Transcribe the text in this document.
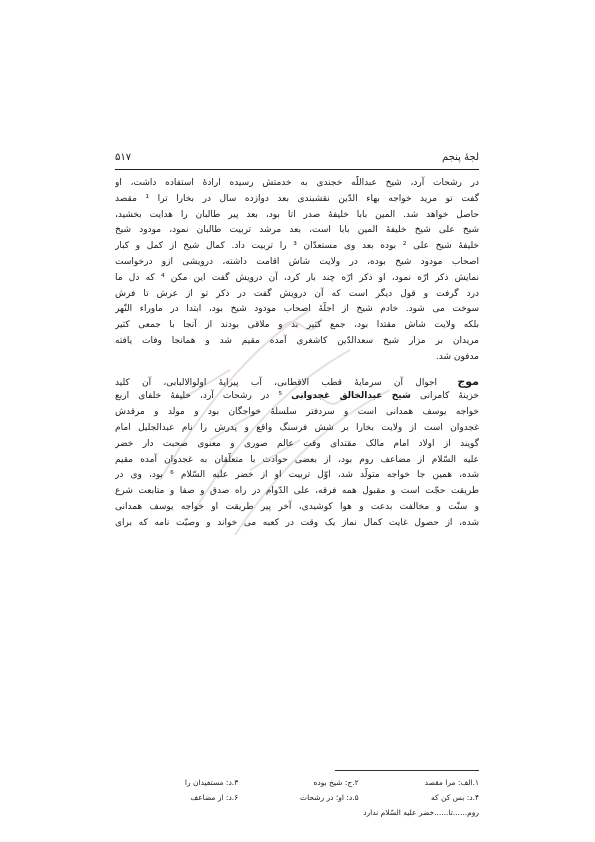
لجۀ پنجم
۵۱۷
در رشحات آرد، شیخ عبداللّٰه خجندی به خدمتش رسیده ارادۀ استفاده داشت، او
گفت تو مرید خواجه بهاء الدّین نقشبندی بعد دوازده سال در بخارا ترا ¹ مقصد
حاصل خواهد شد. المین بابا خلیفۀ صدر اتا بود، بعد پیر طالبان را هدایت بخشید،
شیخ علی شیخ خلیفۀ المین بابا است، بعد مرشد تربیت طالبان نمود، مودود شیخ
خلیفۀ شیخ علی ² بوده بعد وی مستعدّان ³ را تربیت داد. کمال شیخ از کمل و کبار
اصحاب مودود شیخ بوده، در ولایت شاش اقامت داشته، درویشی ازو درخواست
نمایش ذکر ارّه نمود، او ذکر ارّه چند بار کرد، آن درویش گفت این مکن ⁴ که دل ما
درد گرفت و قول دیگر است که آن درویش گفت در ذکر تو از عرش تا فرش
سوخت می شود. خادم شیخ از اجلّۀ اصحاب مودود شیخ بود، ابتدا در ماوراء النّهر
بلکه ولایت شاش مقتدا بود، جمع کثیر بد و ملاقی بودند از آنجا با جمعی کثیر
مریدان بر مزار شیخ سعدالدّین کاشغری آمده مقیم شد و همانجا وفات یافته
مدفون شد.
موج احوال آن سرمایۀ قطب الاقطابی، آب پیرایۀ اولوالالبابی، آن کلید
خزینۀ کامرانی شیخ عبدالخالق غجدوانی ⁵ در رشحات آرد، خلیفۀ خلفای اربع
خواجه یوسف همدانی است و سردفتر سلسلۀ خواجگان بود و مولد و مرقدش
غجدوان است از ولایت بخارا بر شش فرسنگ واقع و پدرش را نام عبدالجلیل امام
گویند از اولاد امام مالک مقتدای وقت عالم صوری و معنوی صحبت دار خضر
علیه السّلام از مضاعف روم بود، از بعضی حوادث با متعلّقان به غجدوان آمده مقیم
شده، همین جا خواجه متولّد شد، اوّل تربیت او از خضر علیه السّلام ⁶ بود، وی در
طریقت حجّت است و مقبول همه فرقه، علی الدّوام در راه صدق و صفا و متابعت شرع
و سنّت و مخالفت بدعت و هوا کوشیدی، آخر پیر طریقت او خواجه یوسف همدانی
شده، از حصول غایت کمال نماز یک وقت در کعبه می خواند و وصیّت نامه که برای
۱.الف: مرا مقصد ۲.ج: شیخ بوده ۳.د: مستفیدان را
۴.د: بس کن که ۵.د: او؛ در رشحات ۶.د: از مضاعف
روم......تا......خضر علیه السّلام ندارد
